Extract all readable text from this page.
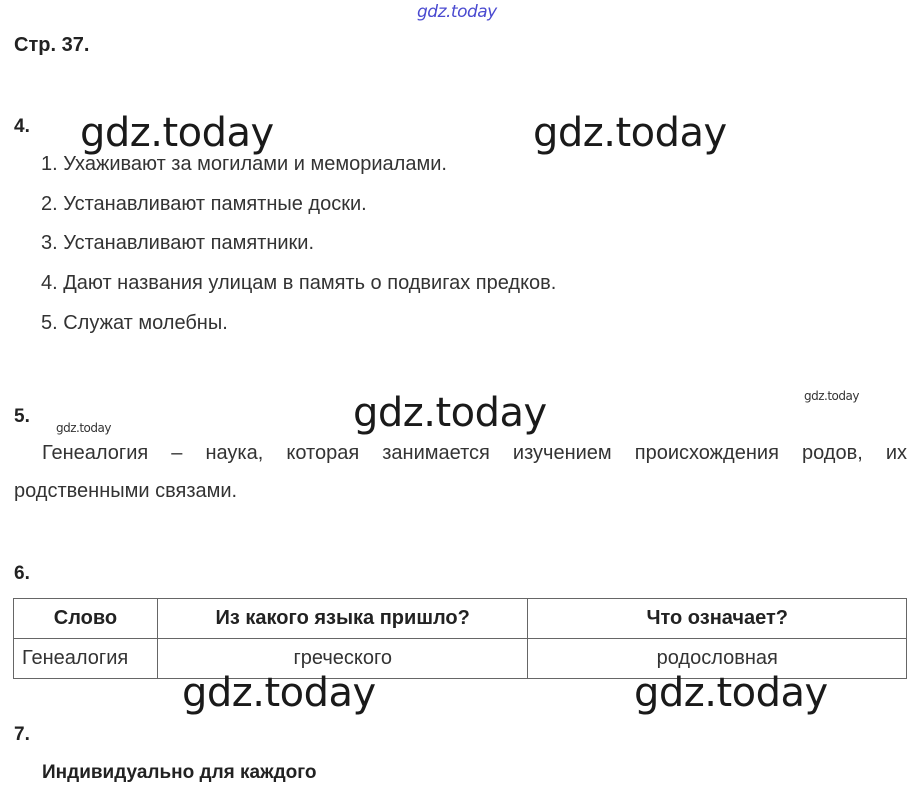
gdz.today
gdz.today	gdz.today
gdz.today
gdz.today
gdz.today
Стр. 37.
4.
1. Ухаживают за могилами и мемориалами.
2. Устанавливают памятные доски.
3. Устанавливают памятники.
4. Дают названия улицам в память о подвигах предков.
5. Служат молебны.
5.
Генеалогия – наука, которая занимается изучением происхождения родов, их
родственными связами.
6.
Слово	Из какого языка пришло?	Что означает?
Генеалогия	греческого	родословная
gdz.today	gdz.today
7.
Индивидуально для каждого
